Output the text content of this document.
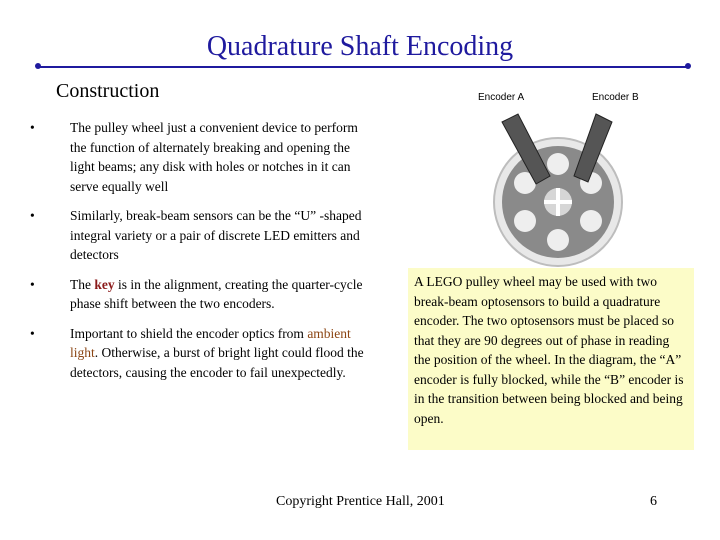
Quadrature Shaft Encoding
Construction
•	The pulley wheel just a convenient device to perform the function of alternately breaking and opening the light beams; any disk with holes or notches in it can serve equally well
•	Similarly, break-beam sensors can be the “U” -shaped integral variety or a pair of discrete LED emitters and detectors
•	The key is in the alignment, creating the quarter-cycle phase shift between the two encoders.
•	Important to shield the encoder optics from ambient light. Otherwise, a burst of bright light could flood the detectors, causing the encoder to fail unexpectedly.
Encoder A	Encoder B
A LEGO pulley wheel may be used with two break-beam optosensors to build a quadrature encoder. The two optosensors must be placed so that they are 90 degrees out of phase in reading the position of the wheel. In the diagram, the “A” encoder is fully blocked, while the “B” encoder is in the transition between being blocked and being open.
Copyright Prentice Hall, 2001	6
